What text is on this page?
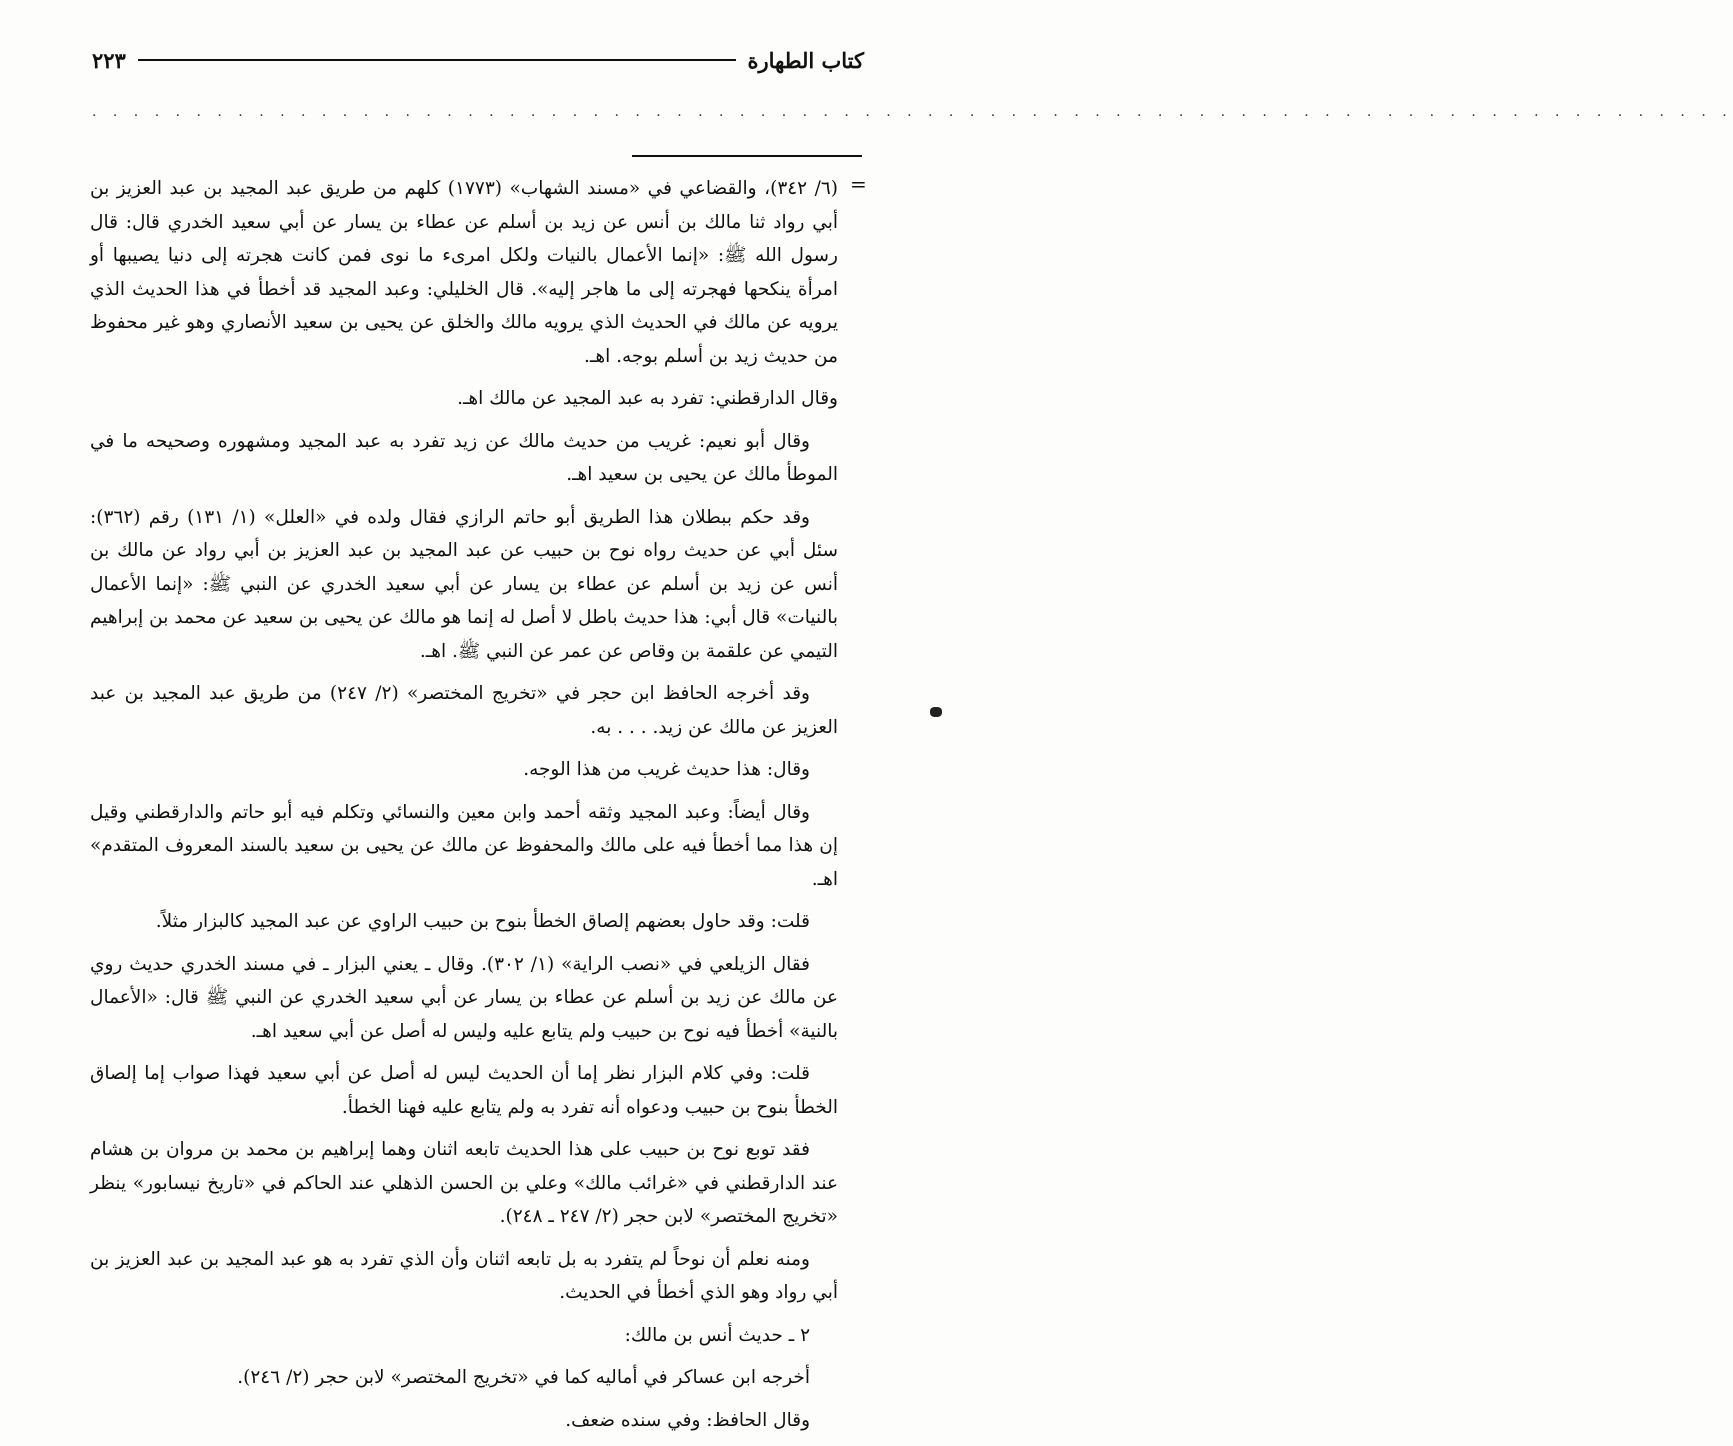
كتاب الطهارة
٢٢٣
. . . . . . . . . . . . . . . . . . . . . . . . . . . . . . . . . . . . . . . . . . . . . . . . . . . . . . . . . . . . . . . . . . . . . . . . . . . . . . .
=

(٦/ ٣٤٢)، والقضاعي في «مسند الشهاب» (١٧٧٣) كلهم من طريق عبد المجيد بن عبد العزيز بن أبي رواد ثنا مالك بن أنس عن زيد بن أسلم عن عطاء بن يسار عن أبي سعيد الخدري قال: قال رسول الله ﷺ: «إنما الأعمال بالنيات ولكل امرىء ما نوى فمن كانت هجرته إلى دنيا يصيبها أو امرأة ينكحها فهجرته إلى ما هاجر إليه». قال الخليلي: وعبد المجيد قد أخطأ في هذا الحديث الذي يرويه عن مالك في الحديث الذي يرويه مالك والخلق عن يحيى بن سعيد الأنصاري وهو غير محفوظ من حديث زيد بن أسلم بوجه. اهـ.

وقال الدارقطني: تفرد به عبد المجيد عن مالك اهـ.

وقال أبو نعيم: غريب من حديث مالك عن زيد تفرد به عبد المجيد ومشهوره وصحيحه ما في الموطأ مالك عن يحيى بن سعيد اهـ.

وقد حكم ببطلان هذا الطريق أبو حاتم الرازي فقال ولده في «العلل» (١/ ١٣١) رقم (٣٦٢): سئل أبي عن حديث رواه نوح بن حبيب عن عبد المجيد بن عبد العزيز بن أبي رواد عن مالك بن أنس عن زيد بن أسلم عن عطاء بن يسار عن أبي سعيد الخدري عن النبي ﷺ: «إنما الأعمال بالنيات» قال أبي: هذا حديث باطل لا أصل له إنما هو مالك عن يحيى بن سعيد عن محمد بن إبراهيم التيمي عن علقمة بن وقاص عن عمر عن النبي ﷺ. اهـ.

وقد أخرجه الحافظ ابن حجر في «تخريج المختصر» (٢/ ٢٤٧) من طريق عبد المجيد بن عبد العزيز عن مالك عن زيد. . . . به.

وقال: هذا حديث غريب من هذا الوجه.

وقال أيضاً: وعبد المجيد وثقه أحمد وابن معين والنسائي وتكلم فيه أبو حاتم والدارقطني وقيل إن هذا مما أخطأ فيه على مالك والمحفوظ عن مالك عن يحيى بن سعيد بالسند المعروف المتقدم» اهـ.

قلت: وقد حاول بعضهم إلصاق الخطأ بنوح بن حبيب الراوي عن عبد المجيد كالبزار مثلاً.

فقال الزيلعي في «نصب الراية» (١/ ٣٠٢). وقال ـ يعني البزار ـ في مسند الخدري حديث روي عن مالك عن زيد بن أسلم عن عطاء بن يسار عن أبي سعيد الخدري عن النبي ﷺ قال: «الأعمال بالنية» أخطأ فيه نوح بن حبيب ولم يتابع عليه وليس له أصل عن أبي سعيد اهـ.

قلت: وفي كلام البزار نظر إما أن الحديث ليس له أصل عن أبي سعيد فهذا صواب إما إلصاق الخطأ بنوح بن حبيب ودعواه أنه تفرد به ولم يتابع عليه فهنا الخطأ.

فقد توبع نوح بن حبيب على هذا الحديث تابعه اثنان وهما إبراهيم بن محمد بن مروان بن هشام عند الدارقطني في «غرائب مالك» وعلي بن الحسن الذهلي عند الحاكم في «تاريخ نيسابور» ينظر «تخريج المختصر» لابن حجر (٢/ ٢٤٧ ـ ٢٤٨).

ومنه نعلم أن نوحاً لم يتفرد به بل تابعه اثنان وأن الذي تفرد به هو عبد المجيد بن عبد العزيز بن أبي رواد وهو الذي أخطأ في الحديث.

٢ ـ حديث أنس بن مالك:

أخرجه ابن عساكر في أماليه كما في «تخريج المختصر» لابن حجر (٢/ ٢٤٦).

وقال الحافظ: وفي سنده ضعف.
